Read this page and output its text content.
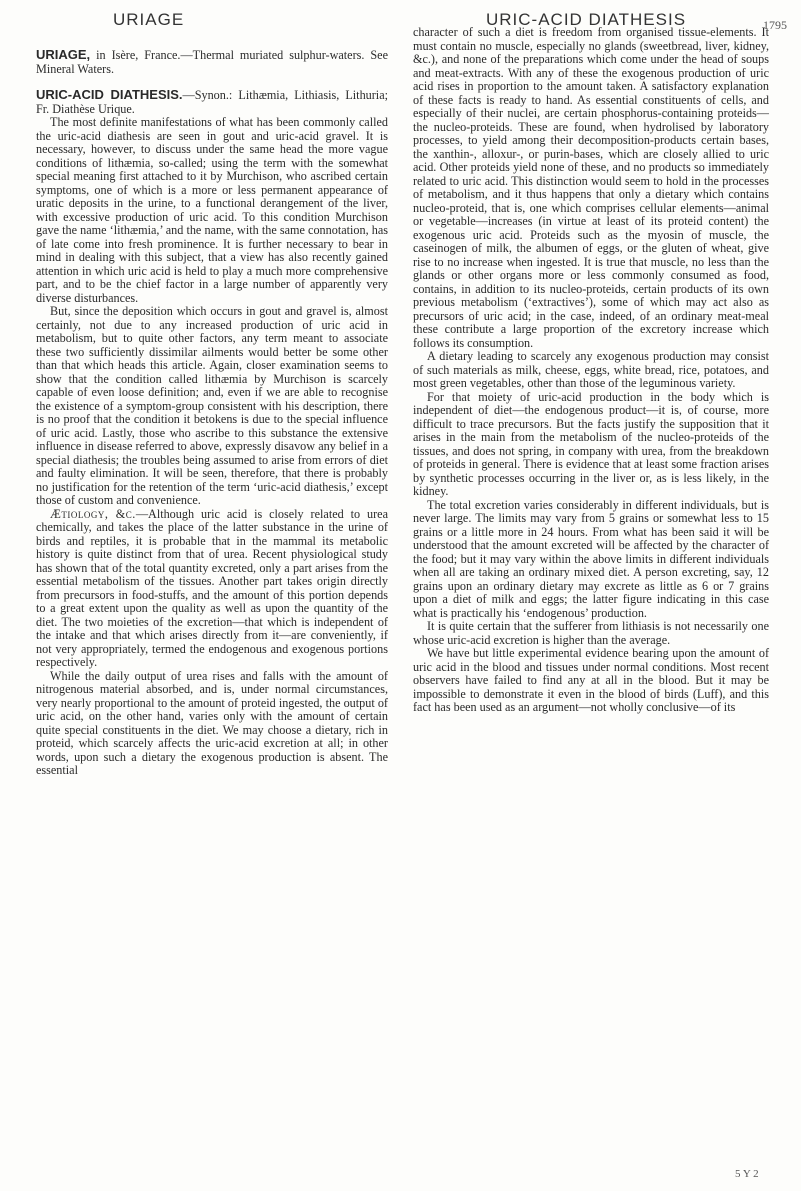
URIAGE	URIC-ACID DIATHESIS	1795

URIAGE, in Isère, France.—Thermal muriated sulphur-waters. See Mineral Waters.

URIC-ACID DIATHESIS.—Synon.: Lithæmia, Lithiasis, Lithuria; Fr. Diathèse Urique.

The most definite manifestations of what has been commonly called the uric-acid diathesis are seen in gout and uric-acid gravel. It is necessary, however, to discuss under the same head the more vague conditions of lithæmia, so-called; using the term with the somewhat special meaning first attached to it by Murchison, who ascribed certain symptoms, one of which is a more or less permanent appearance of uratic deposits in the urine, to a functional derangement of the liver, with excessive production of uric acid. To this condition Murchison gave the name ‘lithæmia,’ and the name, with the same connotation, has of late come into fresh prominence. It is further necessary to bear in mind in dealing with this subject, that a view has also recently gained attention in which uric acid is held to play a much more comprehensive part, and to be the chief factor in a large number of apparently very diverse disturbances.

But, since the deposition which occurs in gout and gravel is, almost certainly, not due to any increased production of uric acid in metabolism, but to quite other factors, any term meant to associate these two sufficiently dissimilar ailments would better be some other than that which heads this article. Again, closer examination seems to show that the condition called lithæmia by Murchison is scarcely capable of even loose definition; and, even if we are able to recognise the existence of a symptom-group consistent with his description, there is no proof that the condition it betokens is due to the special influence of uric acid. Lastly, those who ascribe to this substance the extensive influence in disease referred to above, expressly disavow any belief in a special diathesis; the troubles being assumed to arise from errors of diet and faulty elimination. It will be seen, therefore, that there is probably no justification for the retention of the term ‘uric-acid diathesis,’ except those of custom and convenience.

Ætiology, &c.—Although uric acid is closely related to urea chemically, and takes the place of the latter substance in the urine of birds and reptiles, it is probable that in the mammal its metabolic history is quite distinct from that of urea. Recent physiological study has shown that of the total quantity excreted, only a part arises from the essential metabolism of the tissues. Another part takes origin directly from precursors in food-stuffs, and the amount of this portion depends to a great extent upon the quality as well as upon the quantity of the diet. The two moieties of the excretion—that which is independent of the intake and that which arises directly from it—are conveniently, if not very appropriately, termed the endogenous and exogenous portions respectively.

While the daily output of urea rises and falls with the amount of nitrogenous material absorbed, and is, under normal circumstances, very nearly proportional to the amount of proteid ingested, the output of uric acid, on the other hand, varies only with the amount of certain quite special constituents in the diet. We may choose a dietary, rich in proteid, which scarcely affects the uric-acid excretion at all; in other words, upon such a dietary the exogenous production is absent. The essential

character of such a diet is freedom from organised tissue-elements. It must contain no muscle, especially no glands (sweetbread, liver, kidney, &c.), and none of the preparations which come under the head of soups and meat-extracts. With any of these the exogenous production of uric acid rises in proportion to the amount taken. A satisfactory explanation of these facts is ready to hand. As essential constituents of cells, and especially of their nuclei, are certain phosphorus-containing proteids—the nucleo-proteids. These are found, when hydrolised by laboratory processes, to yield among their decomposition-products certain bases, the xanthin-, alloxur-, or purin-bases, which are closely allied to uric acid. Other proteids yield none of these, and no products so immediately related to uric acid. This distinction would seem to hold in the processes of metabolism, and it thus happens that only a dietary which contains nucleo-proteid, that is, one which comprises cellular elements—animal or vegetable—increases (in virtue at least of its proteid content) the exogenous uric acid. Proteids such as the myosin of muscle, the caseinogen of milk, the albumen of eggs, or the gluten of wheat, give rise to no increase when ingested. It is true that muscle, no less than the glands or other organs more or less commonly consumed as food, contains, in addition to its nucleo-proteids, certain products of its own previous metabolism (‘extractives’), some of which may act also as precursors of uric acid; in the case, indeed, of an ordinary meat-meal these contribute a large proportion of the excretory increase which follows its consumption.

A dietary leading to scarcely any exogenous production may consist of such materials as milk, cheese, eggs, white bread, rice, potatoes, and most green vegetables, other than those of the leguminous variety.

For that moiety of uric-acid production in the body which is independent of diet—the endogenous product—it is, of course, more difficult to trace precursors. But the facts justify the supposition that it arises in the main from the metabolism of the nucleo-proteids of the tissues, and does not spring, in company with urea, from the breakdown of proteids in general. There is evidence that at least some fraction arises by synthetic processes occurring in the liver or, as is less likely, in the kidney.

The total excretion varies considerably in different individuals, but is never large. The limits may vary from 5 grains or somewhat less to 15 grains or a little more in 24 hours. From what has been said it will be understood that the amount excreted will be affected by the character of the food; but it may vary within the above limits in different individuals when all are taking an ordinary mixed diet. A person excreting, say, 12 grains upon an ordinary dietary may excrete as little as 6 or 7 grains upon a diet of milk and eggs; the latter figure indicating in this case what is practically his ‘endogenous’ production.

It is quite certain that the sufferer from lithiasis is not necessarily one whose uric-acid excretion is higher than the average.

We have but little experimental evidence bearing upon the amount of uric acid in the blood and tissues under normal conditions. Most recent observers have failed to find any at all in the blood. But it may be impossible to demonstrate it even in the blood of birds (Luff), and this fact has been used as an argument—not wholly conclusive—of its

5 Y 2
